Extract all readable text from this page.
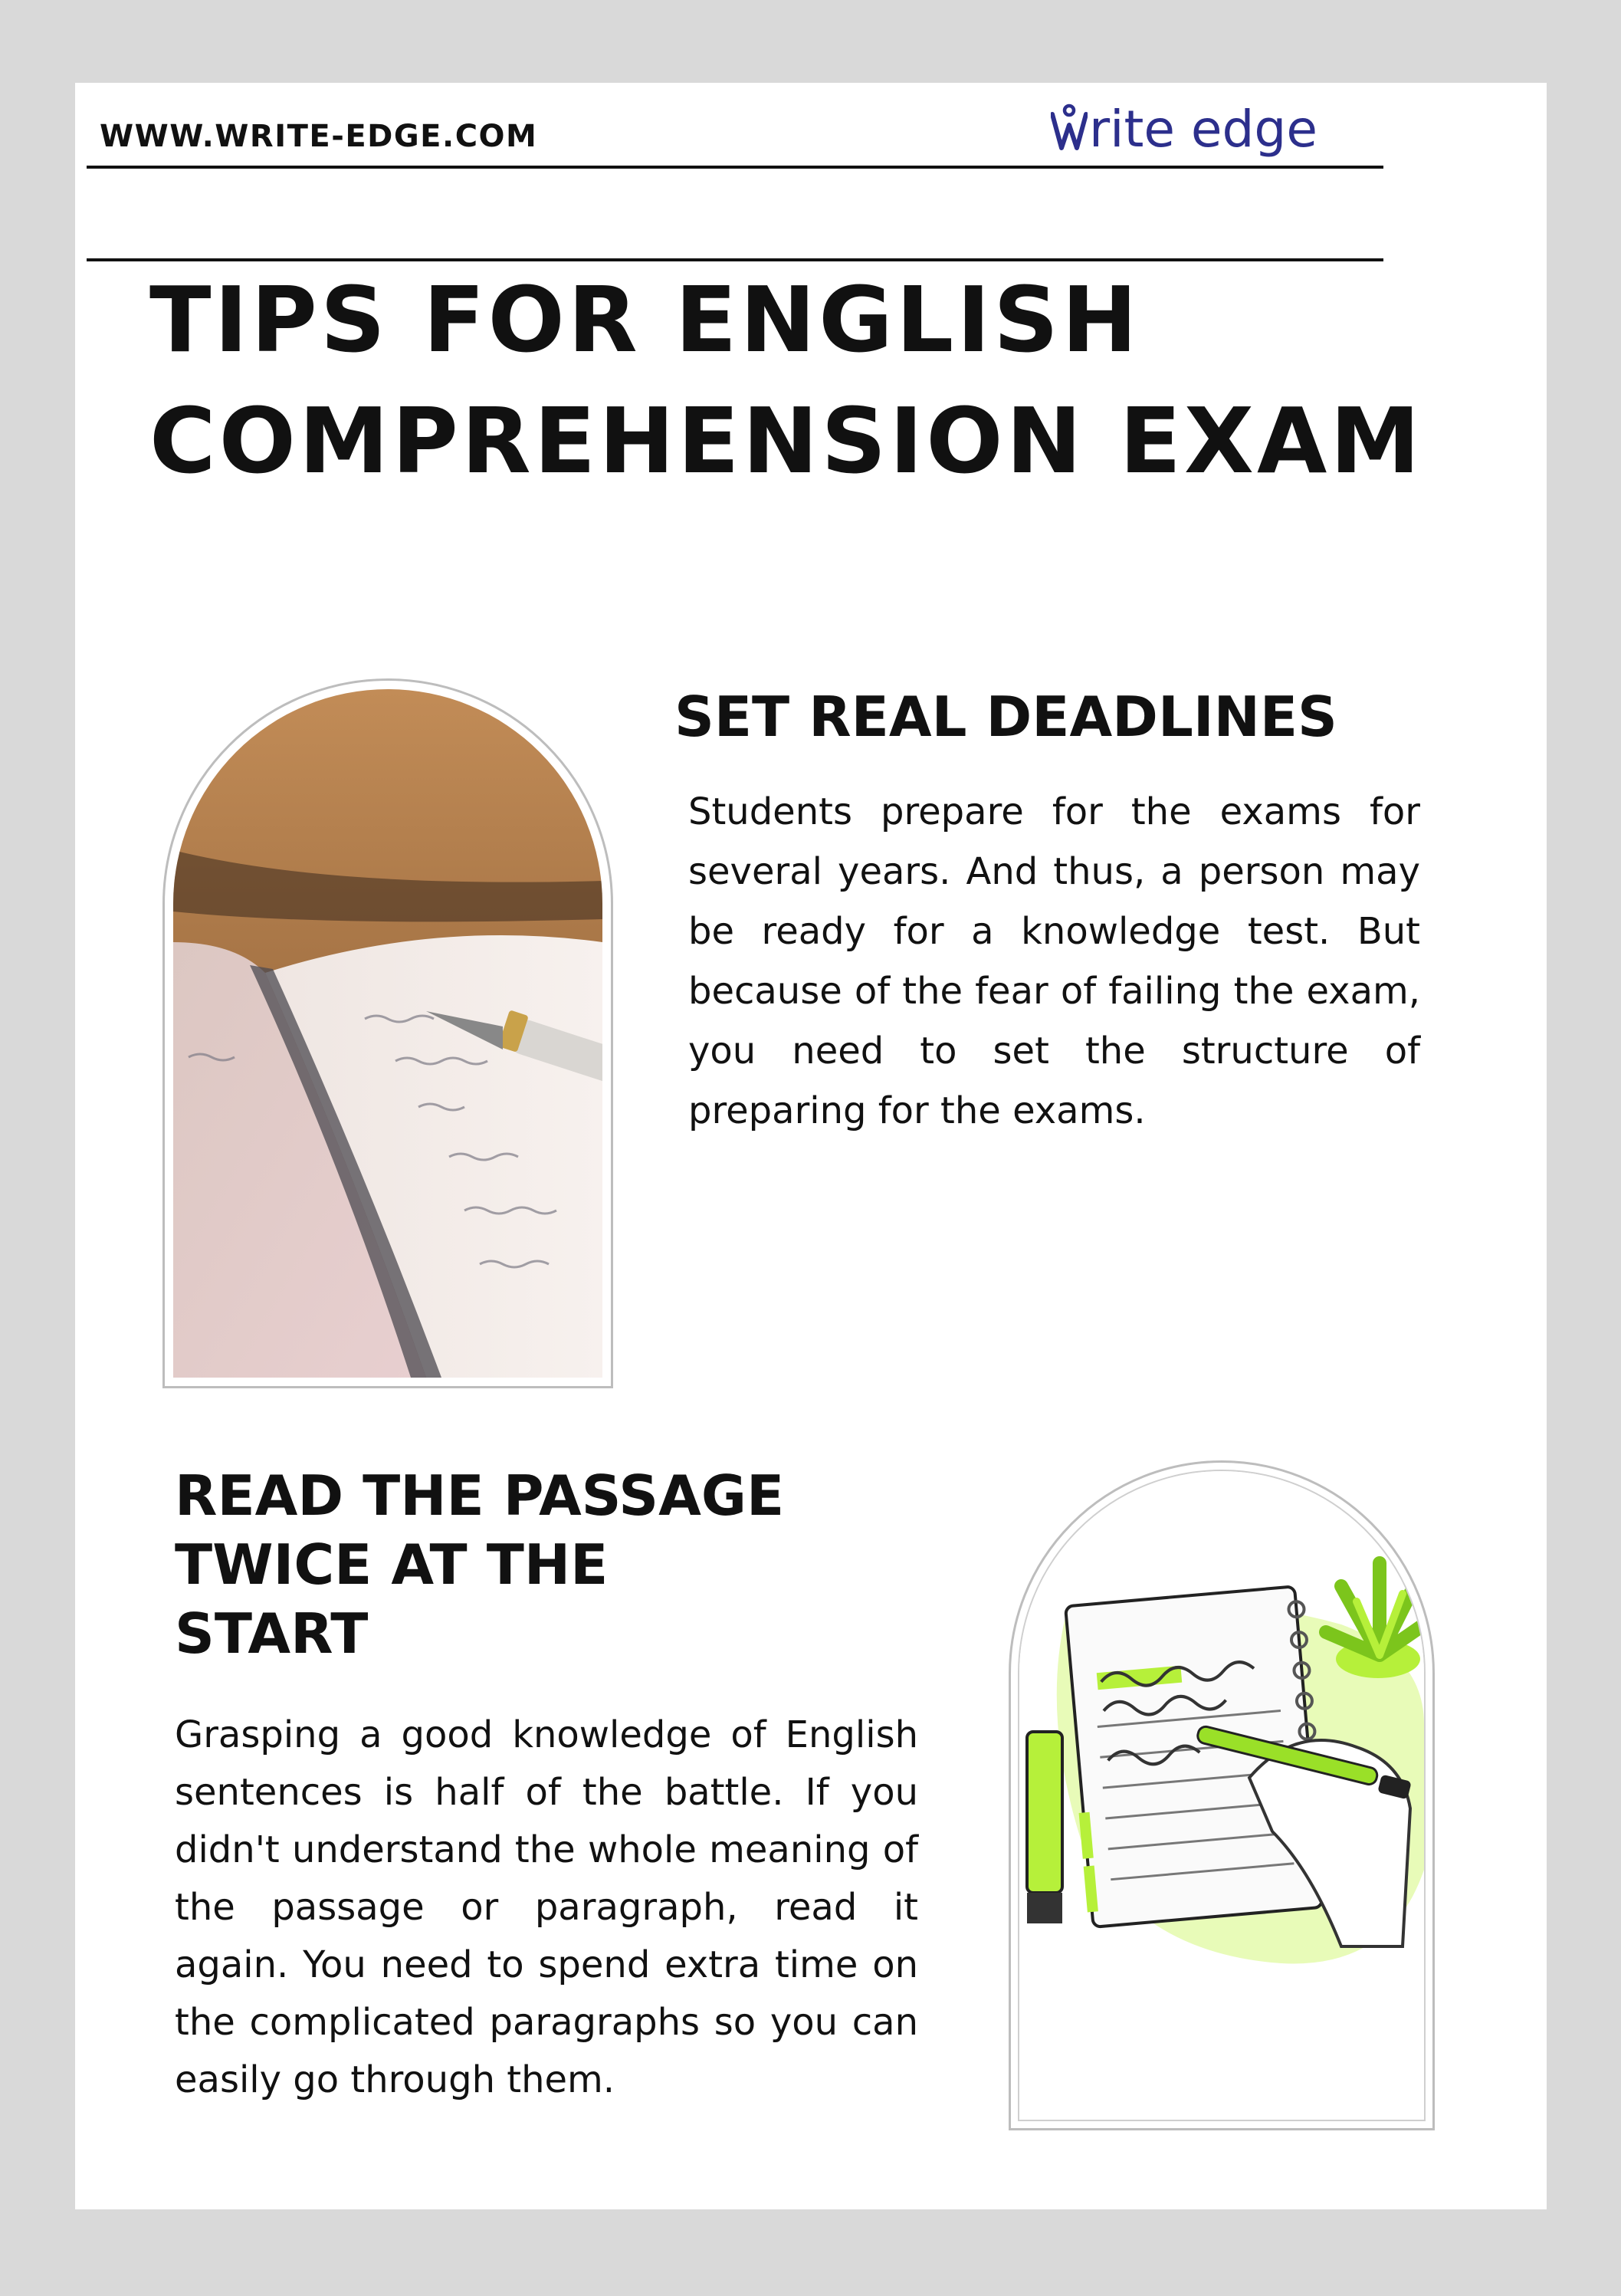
WWW.WRITE-EDGE.COM	rite edge
TIPS FOR ENGLISH
COMPREHENSION EXAM
SET REAL DEADLINES

Students prepare for the exams for several years. And thus, a person may be ready for a knowledge test. But because of the fear of failing the exam, you need to set the structure of preparing for the exams.

READ THE PASSAGE
TWICE AT THE
START

Grasping a good knowledge of English sentences is half of the battle. If you didn't understand the whole meaning of the passage or paragraph, read it again. You need to spend extra time on the complicated paragraphs so you can easily go through them.
